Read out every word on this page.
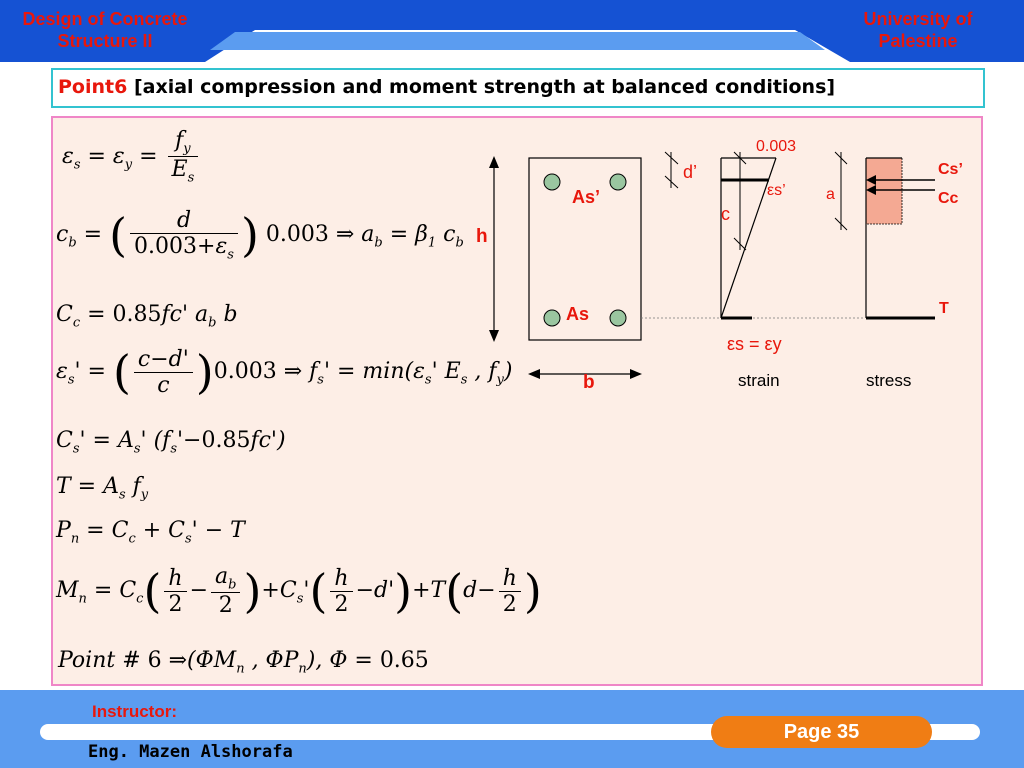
Design of Concrete
Structure II
University of
Palestine
Point6 [axial compression and moment strength at balanced conditions]
$\varepsilon_s = \varepsilon_y = \frac{f_y}{E_s}$
$c_b$ = ( $\frac{d}{0.003+\varepsilon_s}$ ) 0.003 ⇒ $a_b = \beta_1$ $c_b$
$C_c = 0.85fc'$ $a_b$ b
$\varepsilon_s'$ = ( $\frac{c-d'}{c} )0.003$ ⇒ $f_s' = \min(\varepsilon_s'$ $E_s$ , $f_y$)
$C_s' = A_s'$ $(f_s'-0.85fc')$
$T = A_s$ $f_y$
$P_n = C_c + C_s' - T$
$M_n = C_c( \frac{h}{2} - \frac{a_b}{2} )+C_s'( \frac{h}{2} -d')+T(d- \frac{h}{2}$ )
Point # 6 $\Rightarrow(\Phi M_n$ , $\Phi P_n$), Φ = 0.65
h
b
As’
As
0.003
d’
εs’
c
εs = εy
strain
a
Cs’
Cc
T
stress
Instructor:
Eng. Mazen Alshorafa
Page 35
